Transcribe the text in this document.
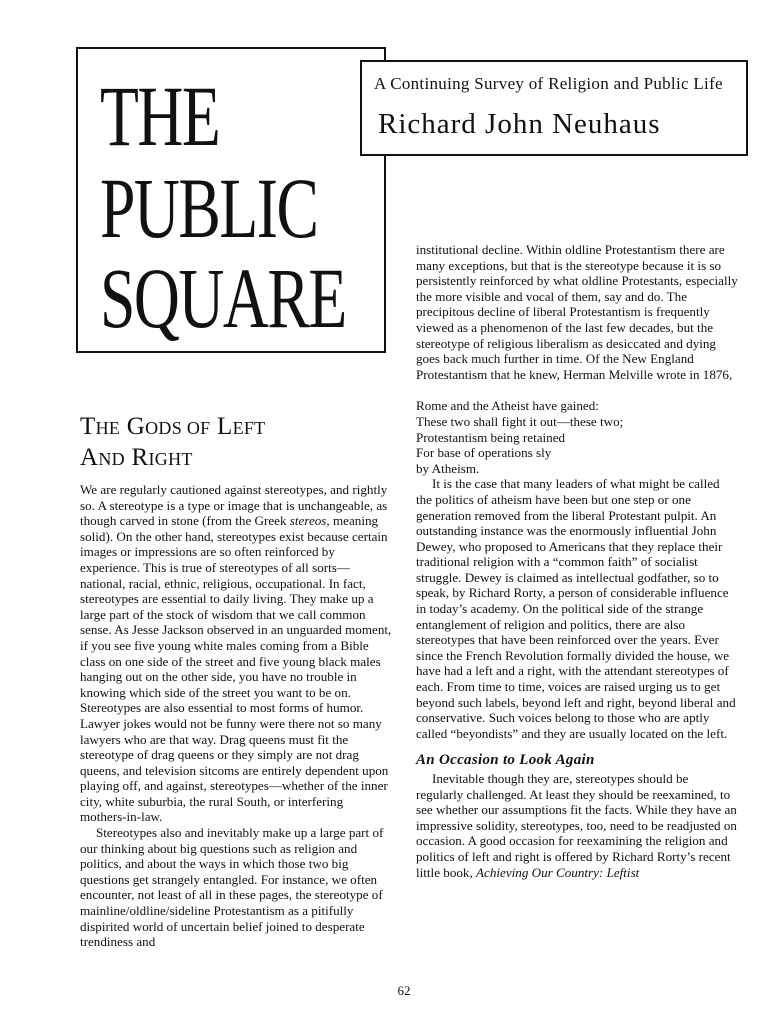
THE
PUBLIC
SQUARE
A Continuing Survey of Religion and Public Life
Richard John Neuhaus
THE GODS OF LEFT
AND RIGHT

We are regularly cautioned against stereotypes, and rightly so. A stereotype is a type or image that is unchangeable, as though carved in stone (from the Greek stereos, meaning solid). On the other hand, stereotypes exist because certain images or impressions are so often reinforced by experience. This is true of stereotypes of all sorts—national, racial, ethnic, religious, occupational. In fact, stereotypes are essential to daily living. They make up a large part of the stock of wisdom that we call common sense. As Jesse Jackson observed in an unguarded moment, if you see five young white males coming from a Bible class on one side of the street and five young black males hanging out on the other side, you have no trouble in knowing which side of the street you want to be on. Stereotypes are also essential to most forms of humor. Lawyer jokes would not be funny were there not so many lawyers who are that way. Drag queens must fit the stereotype of drag queens or they simply are not drag queens, and television sitcoms are entirely dependent upon playing off, and against, stereotypes—whether of the inner city, white suburbia, the rural South, or interfering mothers-in-law.

Stereotypes also and inevitably make up a large part of our thinking about big questions such as religion and politics, and about the ways in which those two big questions get strangely entangled. For instance, we often encounter, not least of all in these pages, the stereotype of mainline/oldline/sideline Protestantism as a pitifully dispirited world of uncertain belief joined to desperate trendiness and

institutional decline. Within oldline Protestantism there are many exceptions, but that is the stereotype because it is so persistently reinforced by what oldline Protestants, especially the more visible and vocal of them, say and do. The precipitous decline of liberal Protestantism is frequently viewed as a phenomenon of the last few decades, but the stereotype of religious liberalism as desiccated and dying goes back much further in time. Of the New England Protestantism that he knew, Herman Melville wrote in 1876,

Rome and the Atheist have gained:
These two shall fight it out—these two;
Protestantism being retained
For base of operations sly
by Atheism.

It is the case that many leaders of what might be called the politics of atheism have been but one step or one generation removed from the liberal Protestant pulpit. An outstanding instance was the enormously influential John Dewey, who proposed to Americans that they replace their traditional religion with a “common faith” of socialist struggle. Dewey is claimed as intellectual godfather, so to speak, by Richard Rorty, a person of considerable influence in today’s academy. On the political side of the strange entanglement of religion and politics, there are also stereotypes that have been reinforced over the years. Ever since the French Revolution formally divided the house, we have had a left and a right, with the attendant stereotypes of each. From time to time, voices are raised urging us to get beyond such labels, beyond left and right, beyond liberal and conservative. Such voices belong to those who are aptly called “beyondists” and they are usually located on the left.

An Occasion to Look Again

Inevitable though they are, stereotypes should be regularly challenged. At least they should be reexamined, to see whether our assumptions fit the facts. While they have an impressive solidity, stereotypes, too, need to be readjusted on occasion. A good occasion for reexamining the religion and politics of left and right is offered by Richard Rorty’s recent little book, Achieving Our Country: Leftist

62
